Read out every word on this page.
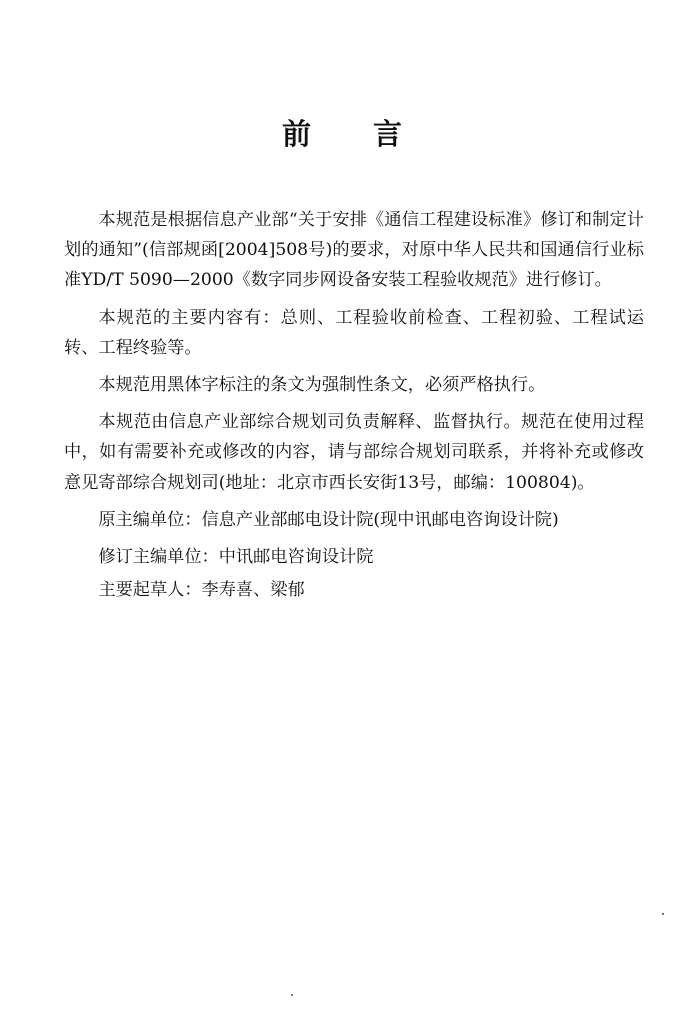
前 言

本规范是根据信息产业部“关于安排《通信工程建设标准》修订和制定计划的通知”(信部规函[2004]508号)的要求，对原中华人民共和国通信行业标准YD/T 5090—2000《数字同步网设备安装工程验收规范》进行修订。

本规范的主要内容有：总则、工程验收前检查、工程初验、工程试运转、工程终验等。

本规范用黑体字标注的条文为强制性条文，必须严格执行。

本规范由信息产业部综合规划司负责解释、监督执行。规范在使用过程中，如有需要补充或修改的内容，请与部综合规划司联系，并将补充或修改意见寄部综合规划司(地址：北京市西长安街13号，邮编：100804)。

原主编单位：信息产业部邮电设计院(现中讯邮电咨询设计院)

修订主编单位：中讯邮电咨询设计院

主要起草人：李寿喜、梁郁
